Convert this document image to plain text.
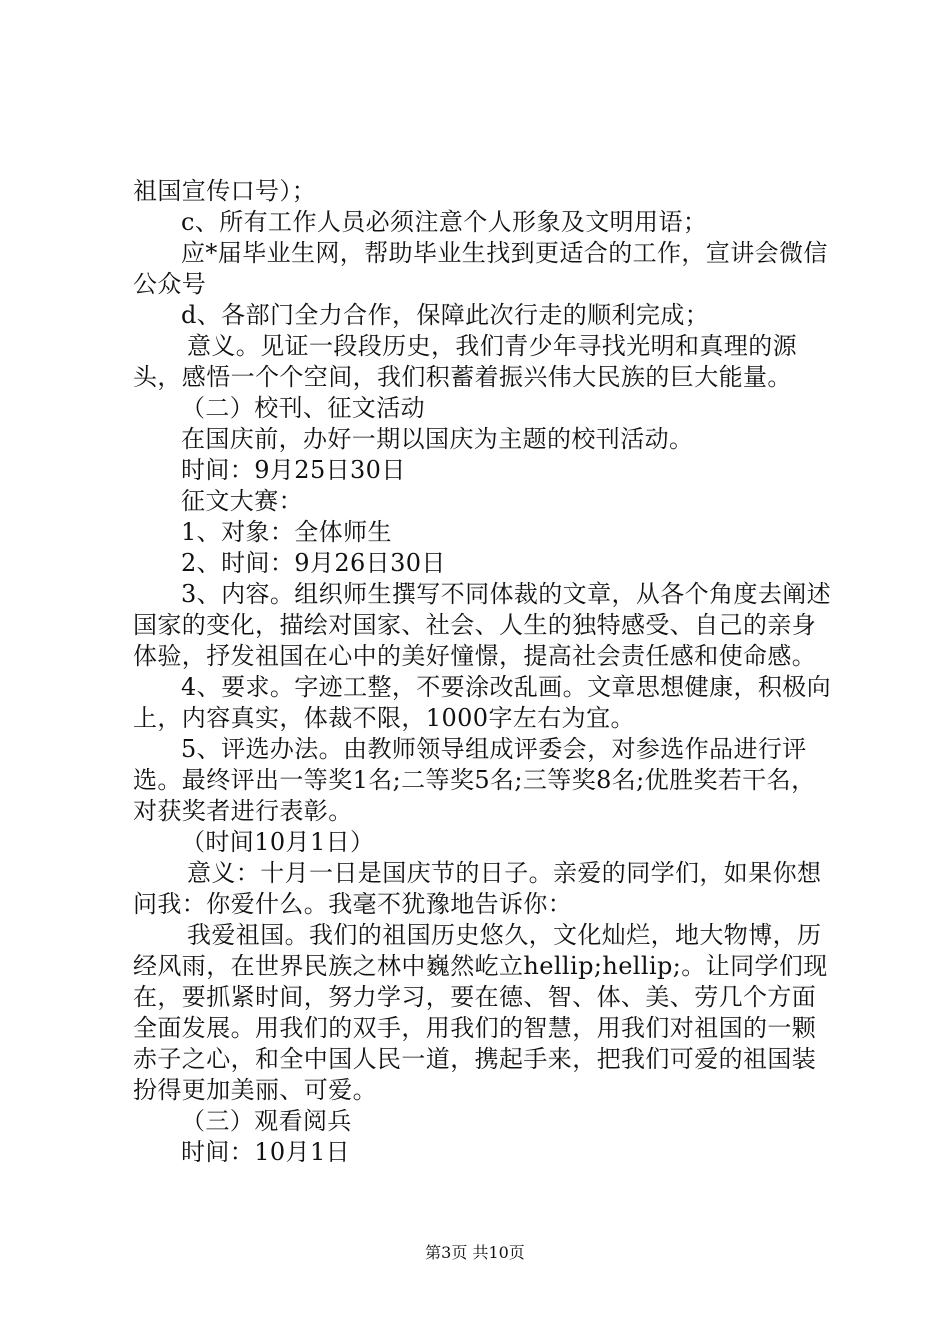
祖国宣传口号）；

c、所有工作人员必须注意个人形象及文明用语；

应*届毕业生网，帮助毕业生找到更适合的工作，宣讲会微信公众号

d、各部门全力合作，保障此次行走的顺利完成；

意义。见证一段段历史，我们青少年寻找光明和真理的源头，感悟一个个空间，我们积蓄着振兴伟大民族的巨大能量。

（二）校刊、征文活动

在国庆前，办好一期以国庆为主题的校刊活动。

时间：9月25日30日

征文大赛：

1、对象：全体师生

2、时间：9月26日30日

3、内容。组织师生撰写不同体裁的文章，从各个角度去阐述国家的变化，描绘对国家、社会、人生的独特感受、自己的亲身体验，抒发祖国在心中的美好憧憬，提高社会责任感和使命感。

4、要求。字迹工整，不要涂改乱画。文章思想健康，积极向上，内容真实，体裁不限，1000字左右为宜。

5、评选办法。由教师领导组成评委会，对参选作品进行评选。最终评出一等奖1名;二等奖5名;三等奖8名;优胜奖若干名，对获奖者进行表彰。

（时间10月1日）

意义：十月一日是国庆节的日子。亲爱的同学们，如果你想问我：你爱什么。我毫不犹豫地告诉你：

我爱祖国。我们的祖国历史悠久，文化灿烂，地大物博，历经风雨，在世界民族之林中巍然屹立hellip;hellip;。让同学们现在，要抓紧时间，努力学习，要在德、智、体、美、劳几个方面全面发展。用我们的双手，用我们的智慧，用我们对祖国的一颗赤子之心，和全中国人民一道，携起手来，把我们可爱的祖国装扮得更加美丽、可爱。

（三）观看阅兵

时间：10月1日

第3页 共10页
